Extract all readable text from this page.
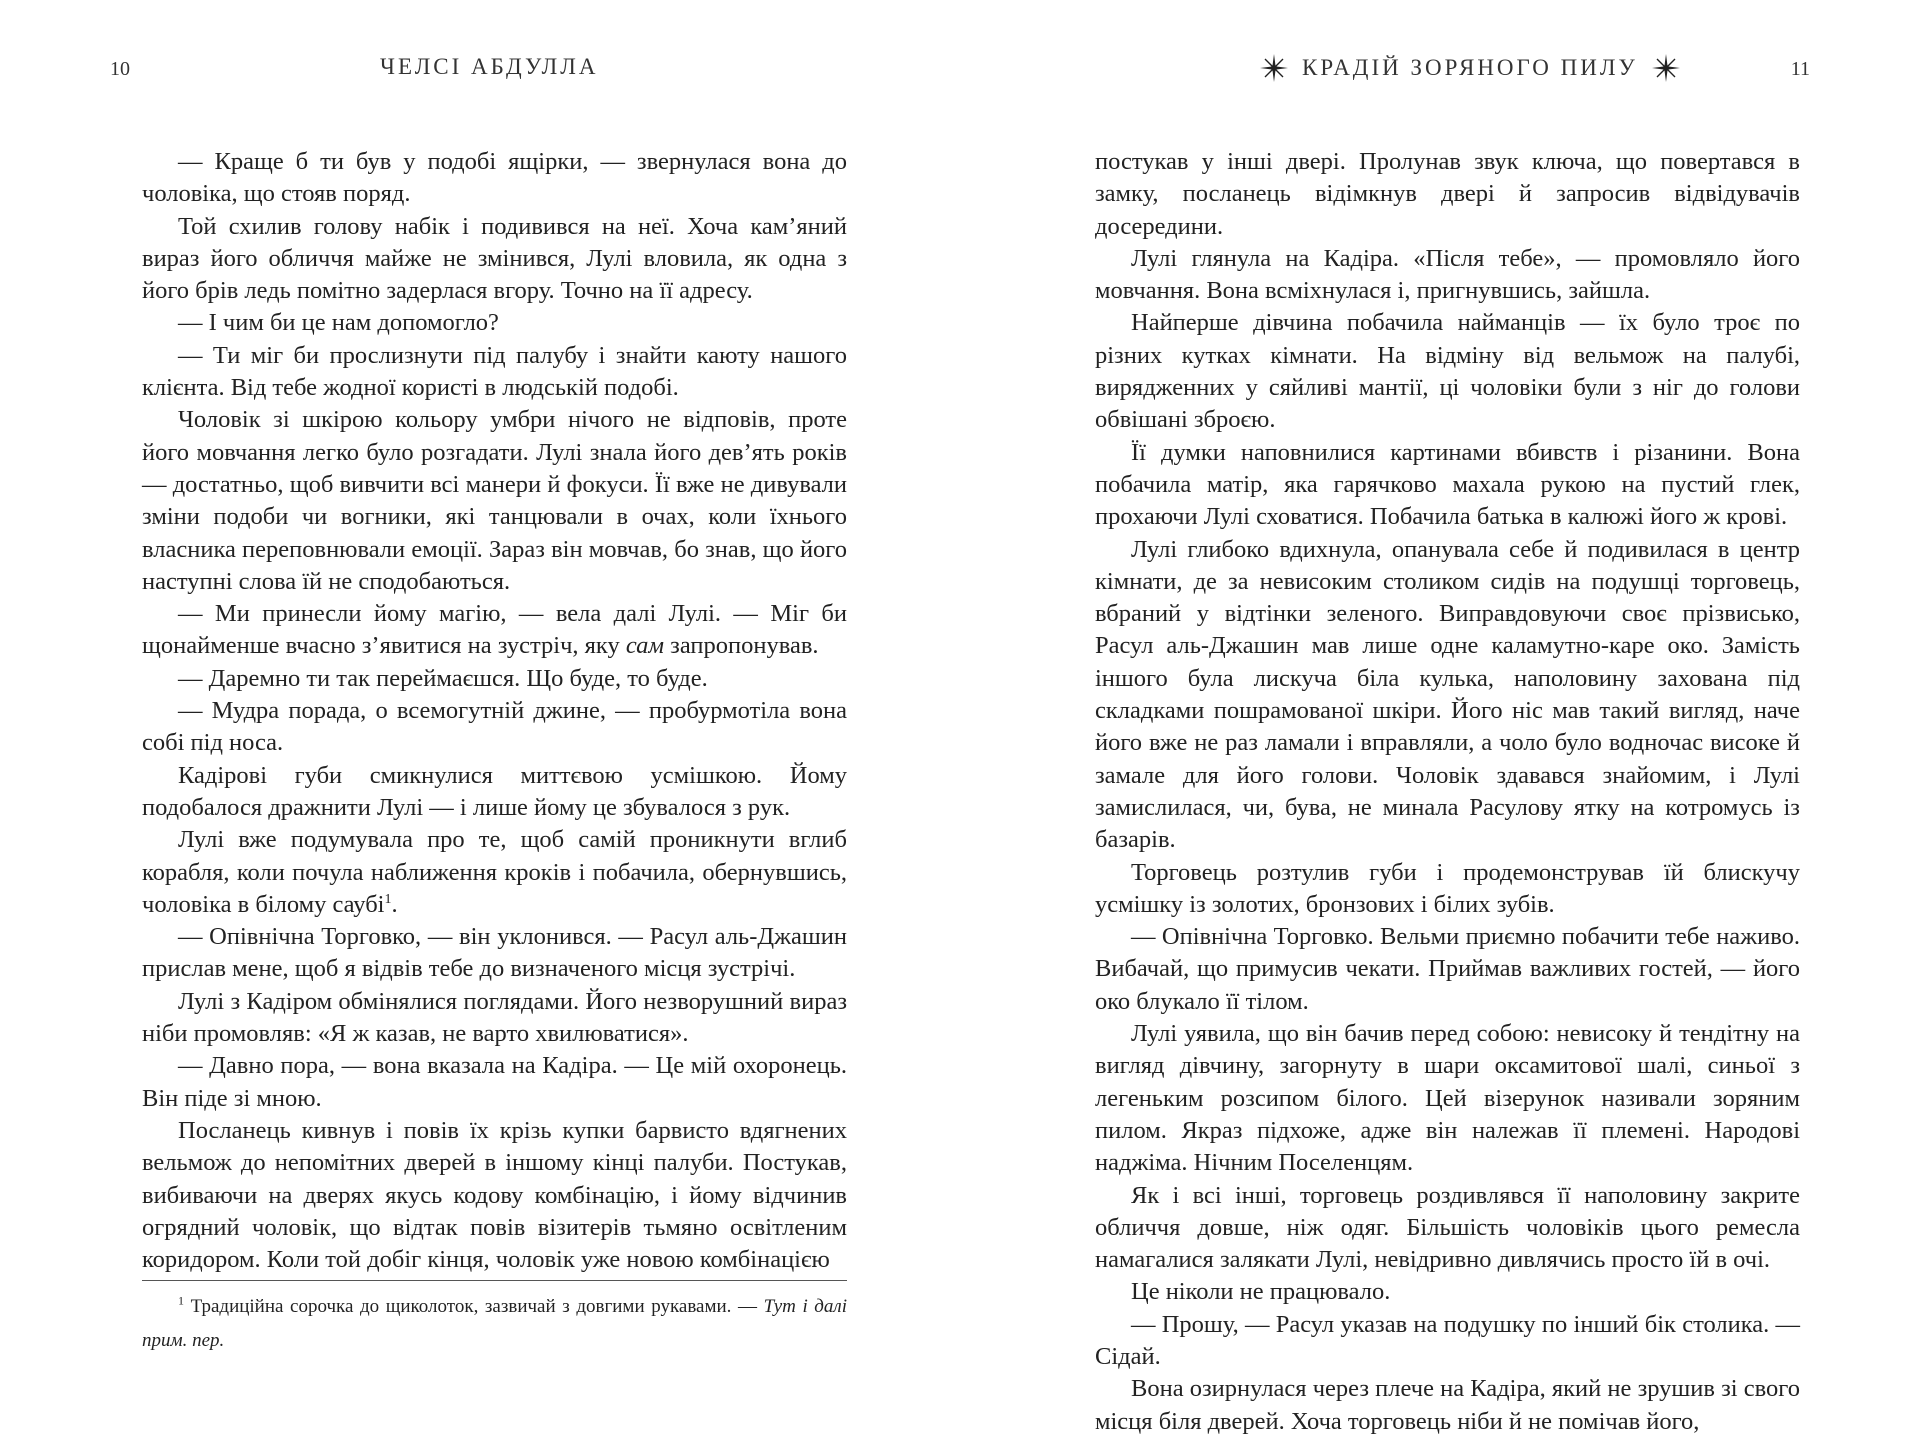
10	ЧЕЛСІ АБДУЛЛА

— Краще б ти був у подобі ящірки, — звернулася вона до чоловіка, що стояв поряд.

Той схилив голову набік і подивився на неї. Хоча кам’яний вираз його обличчя майже не змінився, Лулі вловила, як одна з його брів ледь помітно задерлася вгору. Точно на її адресу.

— І чим би це нам допомогло?

— Ти міг би прослизнути під палубу і знайти каюту нашого клієнта. Від тебе жодної користі в людській подобі.

Чоловік зі шкірою кольору умбри нічого не відповів, проте його мовчання легко було розгадати. Лулі знала його дев’ять років — достатньо, щоб вивчити всі манери й фокуси. Її вже не дивували зміни подоби чи вогники, які танцювали в очах, коли їхнього власника переповнювали емоції. Зараз він мовчав, бо знав, що його наступні слова їй не сподобаються.

— Ми принесли йому магію, — вела далі Лулі. — Міг би щонайменше вчасно з’явитися на зустріч, яку сам запропонував.

— Даремно ти так переймаєшся. Що буде, то буде.

— Мудра порада, о всемогутній джине, — пробурмотіла вона собі під носа.

Кадірові губи смикнулися миттєвою усмішкою. Йому подобалося дражнити Лулі — і лише йому це збувалося з рук.

Лулі вже подумувала про те, щоб самій проникнути вглиб корабля, коли почула наближення кроків і побачила, обернувшись, чоловіка в білому саубі$^1$.

— Опівнічна Торговко, — він уклонився. — Расул аль-Джашин прислав мене, щоб я відвів тебе до визначеного місця зустрічі.

Лулі з Кадіром обмінялися поглядами. Його незворушний вираз ніби промовляв: «Я ж казав, не варто хвилюватися».

— Давно пора, — вона вказала на Кадіра. — Це мій охоронець. Він піде зі мною.

Посланець кивнув і повів їх крізь купки барвисто вдягнених вельмож до непомітних дверей в іншому кінці палуби. Постукав, вибиваючи на дверях якусь кодову комбінацію, і йому відчинив огрядний чоловік, що відтак повів візитерів тьмяно освітленим коридором. Коли той добіг кінця, чоловік уже новою комбінацією

$^1$ Традиційна сорочка до щиколоток, зазвичай з довгими рукавами. — Тут і далі прим. пер.
КРАДІЙ ЗОРЯНОГО ПИЛУ	11

постукав у інші двері. Пролунав звук ключа, що повертався в замку, посланець відімкнув двері й запросив відвідувачів досередини.

Лулі глянула на Кадіра. «Після тебе», — промовляло його мовчання. Вона всміхнулася і, пригнувшись, зайшла.

Найперше дівчина побачила найманців — їх було троє по різних кутках кімнати. На відміну від вельмож на палубі, вирядженних у сяйливі мантії, ці чоловіки були з ніг до голови обвішані зброєю.

Її думки наповнилися картинами вбивств і різанини. Вона побачила матір, яка гарячково махала рукою на пустий глек, прохаючи Лулі сховатися. Побачила батька в калюжі його ж крові.

Лулі глибоко вдихнула, опанувала себе й подивилася в центр кімнати, де за невисоким столиком сидів на подушці торговець, вбраний у відтінки зеленого. Виправдовуючи своє прізвисько, Расул аль-Джашин мав лише одне каламутно-каре око. Замість іншого була лискуча біла кулька, наполовину захована під складками пошрамованої шкіри. Його ніс мав такий вигляд, наче його вже не раз ламали і вправляли, а чоло було водночас високе й замале для його голови. Чоловік здавався знайомим, і Лулі замислилася, чи, бува, не минала Расулову ятку на котромусь із базарів.

Торговець розтулив губи і продемонстрував їй блискучу усмішку із золотих, бронзових і білих зубів.

— Опівнічна Торговко. Вельми приємно побачити тебе наживо. Вибачай, що примусив чекати. Приймав важливих гостей, — його око блукало її тілом.

Лулі уявила, що він бачив перед собою: невисоку й тендітну на вигляд дівчину, загорнуту в шари оксамитової шалі, синьої з легеньким розсипом білого. Цей візерунок називали зоряним пилом. Якраз підхоже, адже він належав її племені. Народові наджіма. Нічним Поселенцям.

Як і всі інші, торговець роздивлявся її наполовину закрите обличчя довше, ніж одяг. Більшість чоловіків цього ремесла намагалися залякати Лулі, невідривно дивлячись просто їй в очі.

Це ніколи не працювало.

— Прошу, — Расул указав на подушку по інший бік столика. — Сідай.

Вона озирнулася через плече на Кадіра, який не зрушив зі свого місця біля дверей. Хоча торговець ніби й не помічав його,
